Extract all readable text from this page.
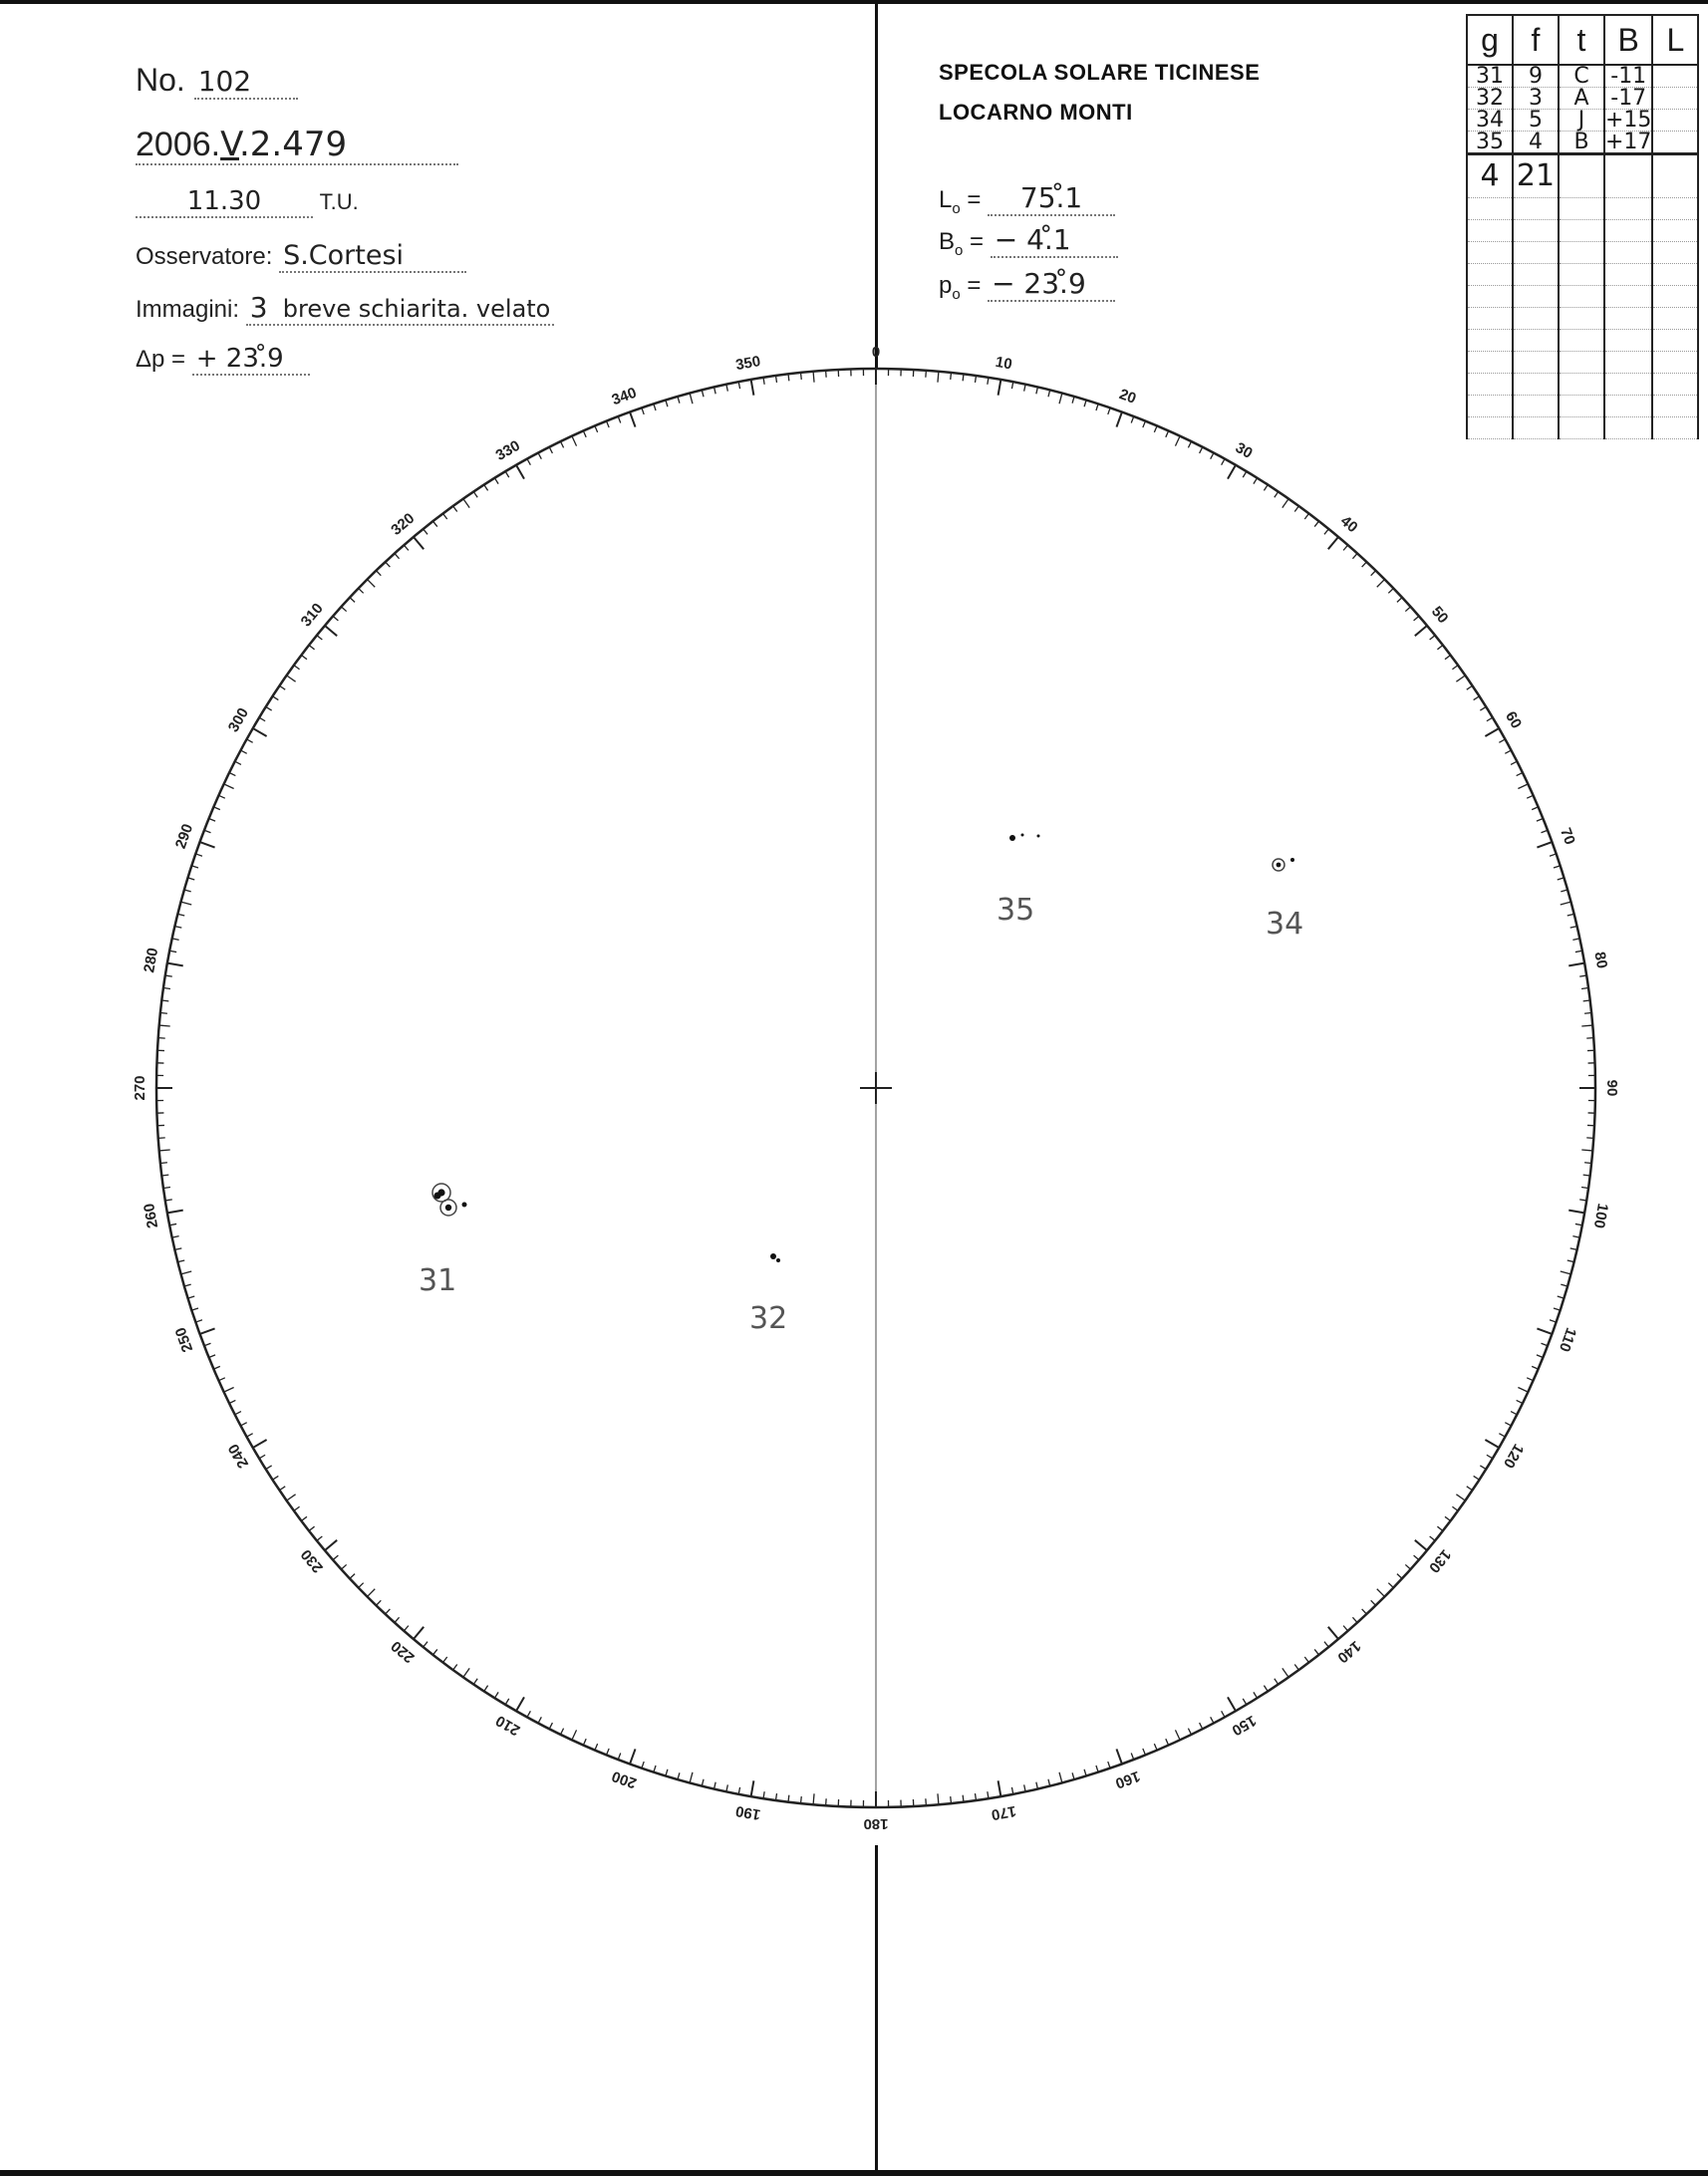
No. 102
2006.V.2.479
11.30	T.U.
Osservatore: S.Cortesi
Immagini: 3 breve schiarita. velato
Δp = + 23.̊9
SPECOLA SOLARE TICINESE
LOCARNO MONTI
$L_o$ = 75.̊1
$B_o$ = − 4.̊1
$p_o$ = − 23.̊9
g	f	t	B	L
31	9	C	-11	
32	3	A	-17	
34	5	J	+15	
35	4	B	+17	
4	21			

0
10
20
30
40
50
60
70
80
90
100
110
120
130
140
150
160
170
180
190
200
210
220
230
240
250
260
270
280
290
300
310
320
330
340
350
31
32
34
35
